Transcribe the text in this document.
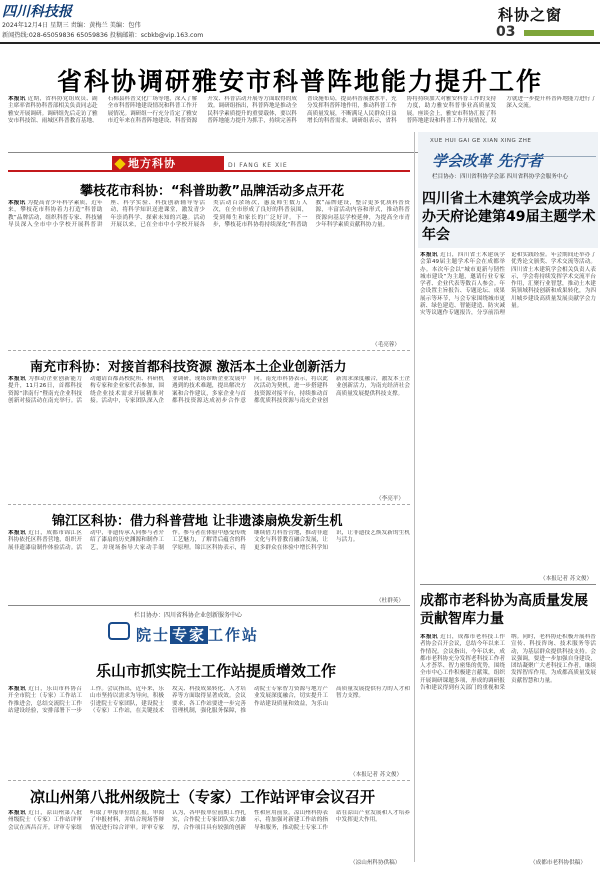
四川科技报
2024年12月4日 星期三 责编：黄梅兰 美编：包伟
新闻热线:028-65059836 65059836 投稿邮箱：scbkb@vip.163.com
科协之窗
03
省科协调研雅安市科普阵地能力提升工作
本报讯 近期，省科协党组成员、副主席率省科协科普部相关负责同志赴雅安开展调研。调研组先后走访了雅安市科技馆、雨城区科普教育基地、石棉县科普文化广场等地，深入了解全市科普阵地建设情况和科普工作开展情况。调研组一行充分肯定了雅安市近年来在科普阵地建设、科普资源开发、科普活动开展等方面取得的成效。调研组指出，科普阵地是推动全民科学素质提升的重要载体，要以科普阵地能力提升为抓手，持续完善科普设施布局，提高科普展教水平，充分发挥科普阵地作用，推动科普工作高质量发展，不断满足人民群众日益增长的科普需求。调研组表示，省科协将持续加大对雅安科普工作的支持力度，助力雅安科普事业高质量发展。座谈会上，雅安市科协汇报了科普阵地建设和科普工作开展情况，双方就进一步提升科普阵地能力进行了深入交流。
地方科协	DI FANG KE XIE
攀枝花市科协：“科普助教”品牌活动多点开花
本报讯 为提高青少年科学素质，近年来，攀枝花市科协着力打造“科普助教”品牌活动，组织科普专家、科技辅导员深入全市中小学校开展科普讲座、科学实验、科技创新辅导等活动，将科学知识送进课堂，激发青少年崇尚科学、探索未知的兴趣。活动开展以来，已在全市中小学校开展各类活动百余场次，惠及师生数万人次，在全市形成了良好的科普氛围，受到师生和家长的广泛好评。下一步，攀枝花市科协将持续深化“科普助教”品牌建设，整合更多优质科普资源，丰富活动内容和形式，推动科普资源向基层学校延伸，为提高全市青少年科学素质贡献科协力量。
（毛亮蓉）
南充市科协：对接首都科技资源 激活本土企业创新活力
本报讯 为推动企业创新能力提升，11月26日，首都科技资源“津南行”暨南充企业科技创新对接活动在南充举行。活动邀请首都高校院所、科研机构专家和企业家代表参加，围绕企业技术需求开展精准对接。活动中，专家团队深入企业调研，现场诊断企业发展中遇到的技术难题，提出解决方案和合作建议，多家企业与首都科技资源达成初步合作意向。南充市科协表示，将以此次活动为契机，进一步搭建科技资源对接平台，持续推动首都优质科技资源与南充企业创新需求深度融合，激发本土企业创新活力，为南充经济社会高质量发展提供科技支撑。
（李亮平）
锦江区科协：借力科普营地 让非遗漆扇焕发新生机
本报讯 近日，成都市锦江区科协依托区科普营地，组织开展非遗漆扇制作体验活动。活动中，非遗传承人向参与者介绍了漆扇的历史渊源和制作工艺，并现场指导大家动手制作。参与者在体验中感受传统工艺魅力，了解背后蕴含的科学原理。锦江区科协表示，将继续借力科普营地，推动非遗文化与科普教育融合发展，让更多群众在体验中增长科学知识，让非遗技艺焕发新的生机与活力。
（杜群英）
栏目协办：四川省科协企业创新服务中心
院士 专家 工作站
乐山市抓实院士工作站提质增效工作
本报讯 近日，乐山市科协召开全市院士（专家）工作站工作推进会，总结交流院士工作站建设经验，安排部署下一步工作。会议指出，近年来，乐山市坚持以需求为导向，积极引进院士专家团队，建设院士（专家）工作站，在关键技术攻关、科技成果转化、人才培养等方面取得显著成效。会议要求，各工作站要进一步完善管理机制，强化服务保障，推动院士专家智力资源与地方产业发展深度融合，切实提升工作站建设质量和效益，为乐山高质量发展提供有力的人才和智力支撑。
（本报记者 苏文俊）
凉山州第八批州级院士（专家）工作站评审会议召开
本报讯 近日，凉山州第八批州级院士（专家）工作站评审会议在西昌召开。评审专家组听取了申报单位的汇报，审阅了申报材料，并结合现场答辩情况进行综合评审。评审专家认为，各申报单位前期工作扎实，合作院士专家团队实力雄厚，合作项目具有较强的创新性和应用前景。凉山州科协表示，将加强对新建工作站的指导和服务，推动院士专家工作站在凉山产业发展和人才培养中发挥更大作用。
（凉山州科协供稿）
XUE HUI GAI GE XIAN XING ZHE
学会改革 先行者
栏目协办：四川省科协学会部 四川省科协学会服务中心
四川省土木建筑学会成功举办天府论建第49届主题学术年会
本报讯 近日，四川省土木建筑学会第49届主题学术年会在成都举办。本次年会以“城市更新与韧性城市建设”为主题，邀请行业专家学者、企业代表等数百人参会。年会设置主旨报告、专题论坛、成果展示等环节，与会专家围绕城市更新、绿色建造、智能建造、防灾减灾等议题作专题报告，分享前沿理论和实践经验。年会期间还举办了优秀论文颁奖、学术交流等活动。四川省土木建筑学会相关负责人表示，学会将持续发挥学术交流平台作用，汇聚行业智慧，推动土木建筑领域科技创新和成果转化，为四川城乡建设高质量发展贡献学会力量。
（本报记者 苏文俊）
成都市老科协为高质量发展贡献智库力量
本报讯 近日，成都市老科技工作者协会召开会议，总结今年以来工作情况。会议指出，今年以来，成都市老科协充分发挥老科技工作者人才荟萃、智力密集的优势，围绕全市中心工作积极建言献策，组织开展调研课题多项，形成的调研报告和建议得到有关部门的重视和采纳。同时，老科协还积极开展科普宣传、科技咨询、技术服务等活动，为基层群众提供科技支持。会议强调，要进一步加强自身建设，团结凝聚广大老科技工作者，继续发挥智库作用，为成都高质量发展贡献智慧和力量。
（成都市老科协供稿）
